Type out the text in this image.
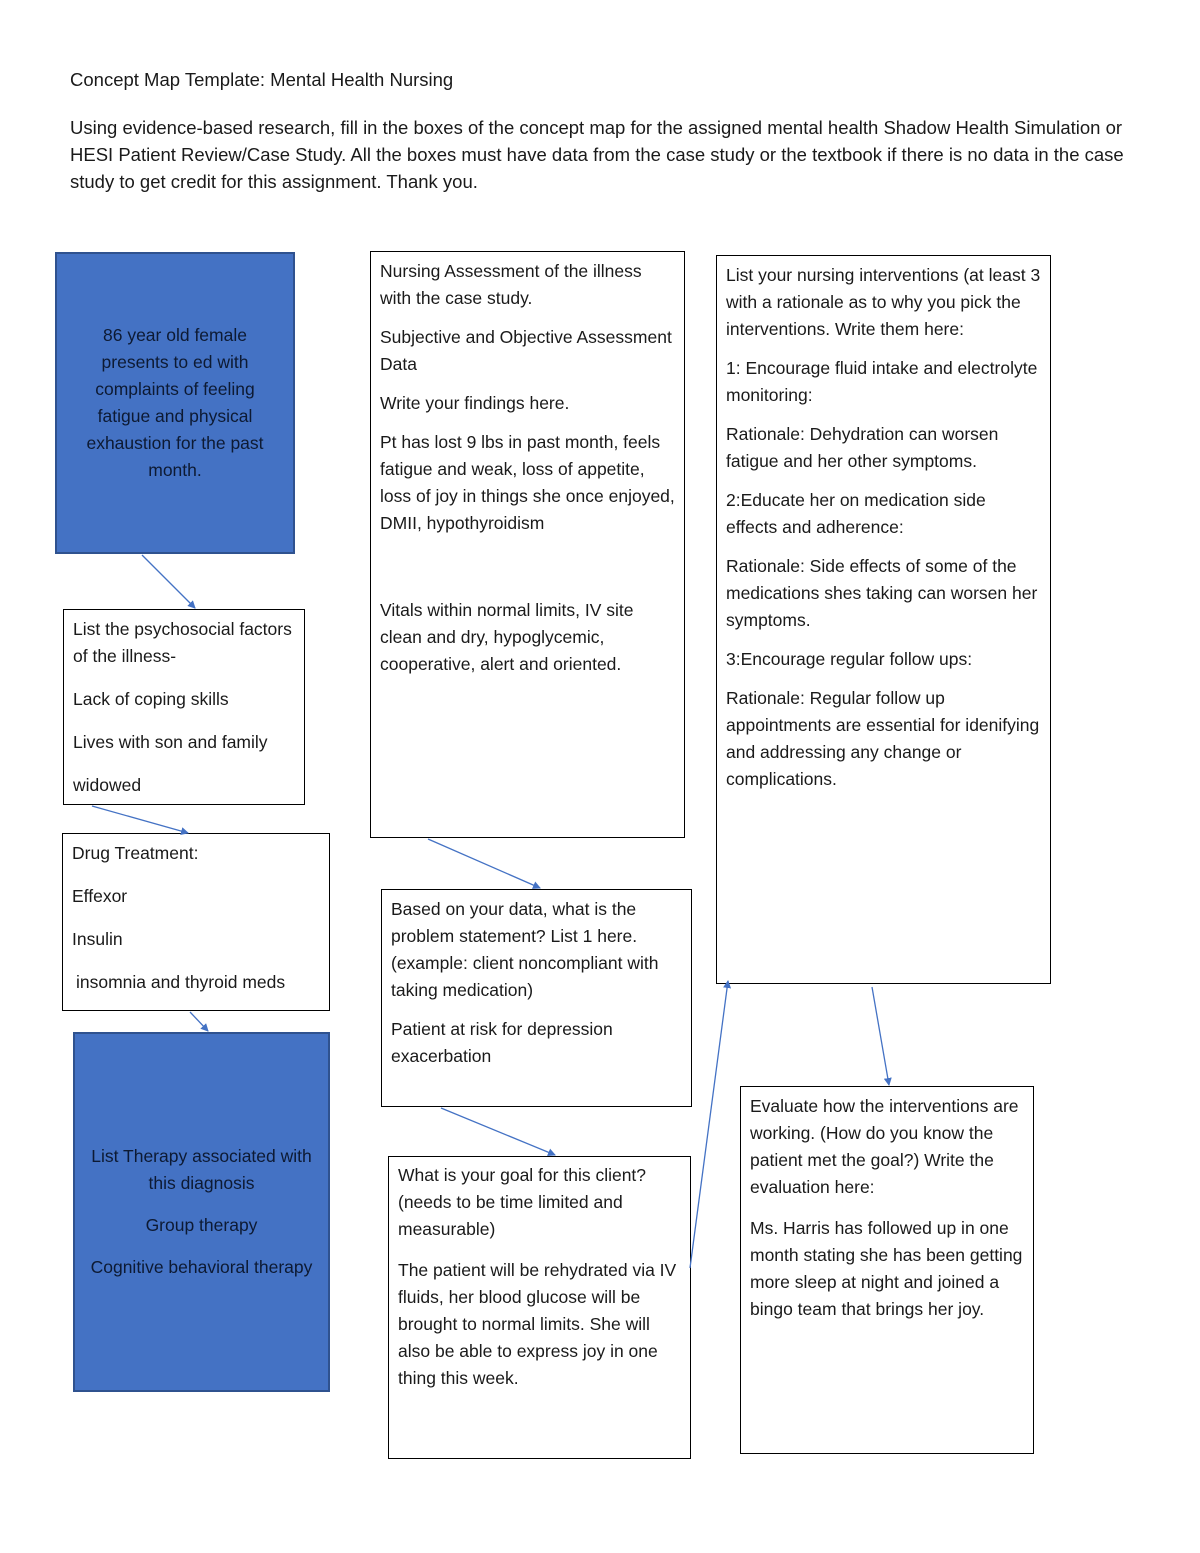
Concept Map Template: Mental Health Nursing
Using evidence-based research, fill in the boxes of the concept map for the assigned mental health Shadow Health Simulation or HESI Patient Review/Case Study. All the boxes must have data from the case study or the textbook if there is no data in the case study to get credit for this assignment. Thank you.

86 year old female presents to ed with complaints of feeling fatigue and physical exhaustion for the past month.

List the psychosocial factors of the illness-

Lack of coping skills

Lives with son and family

widowed

Drug Treatment:

Effexor

Insulin

insomnia and thyroid meds

List Therapy associated with this diagnosis

Group therapy

Cognitive behavioral therapy

Nursing Assessment of the illness with the case study.

Subjective and Objective Assessment Data

Write your findings here.

Pt has lost 9 lbs in past month, feels fatigue and weak, loss of appetite, loss of joy in things she once enjoyed, DMII, hypothyroidism

Vitals within normal limits, IV site clean and dry, hypoglycemic, cooperative, alert and oriented.

Based on your data, what is the problem statement? List 1 here. (example: client noncompliant with taking medication)

Patient at risk for depression exacerbation

What is your goal for this client? (needs to be time limited and measurable)

The patient will be rehydrated via IV fluids, her blood glucose will be brought to normal limits. She will also be able to express joy in one thing this week.

List your nursing interventions (at least 3 with a rationale as to why you pick the interventions. Write them here:

1: Encourage fluid intake and electrolyte monitoring:

Rationale: Dehydration can worsen fatigue and her other symptoms.

2:Educate her on medication side effects and adherence:

Rationale: Side effects of some of the medications shes taking can worsen her symptoms.

3:Encourage regular follow ups:

Rationale: Regular follow up appointments are essential for idenifying and addressing any change or complications.

Evaluate how the interventions are working. (How do you know the patient met the goal?) Write the evaluation here:

Ms. Harris has followed up in one month stating she has been getting more sleep at night and joined a bingo team that brings her joy.
